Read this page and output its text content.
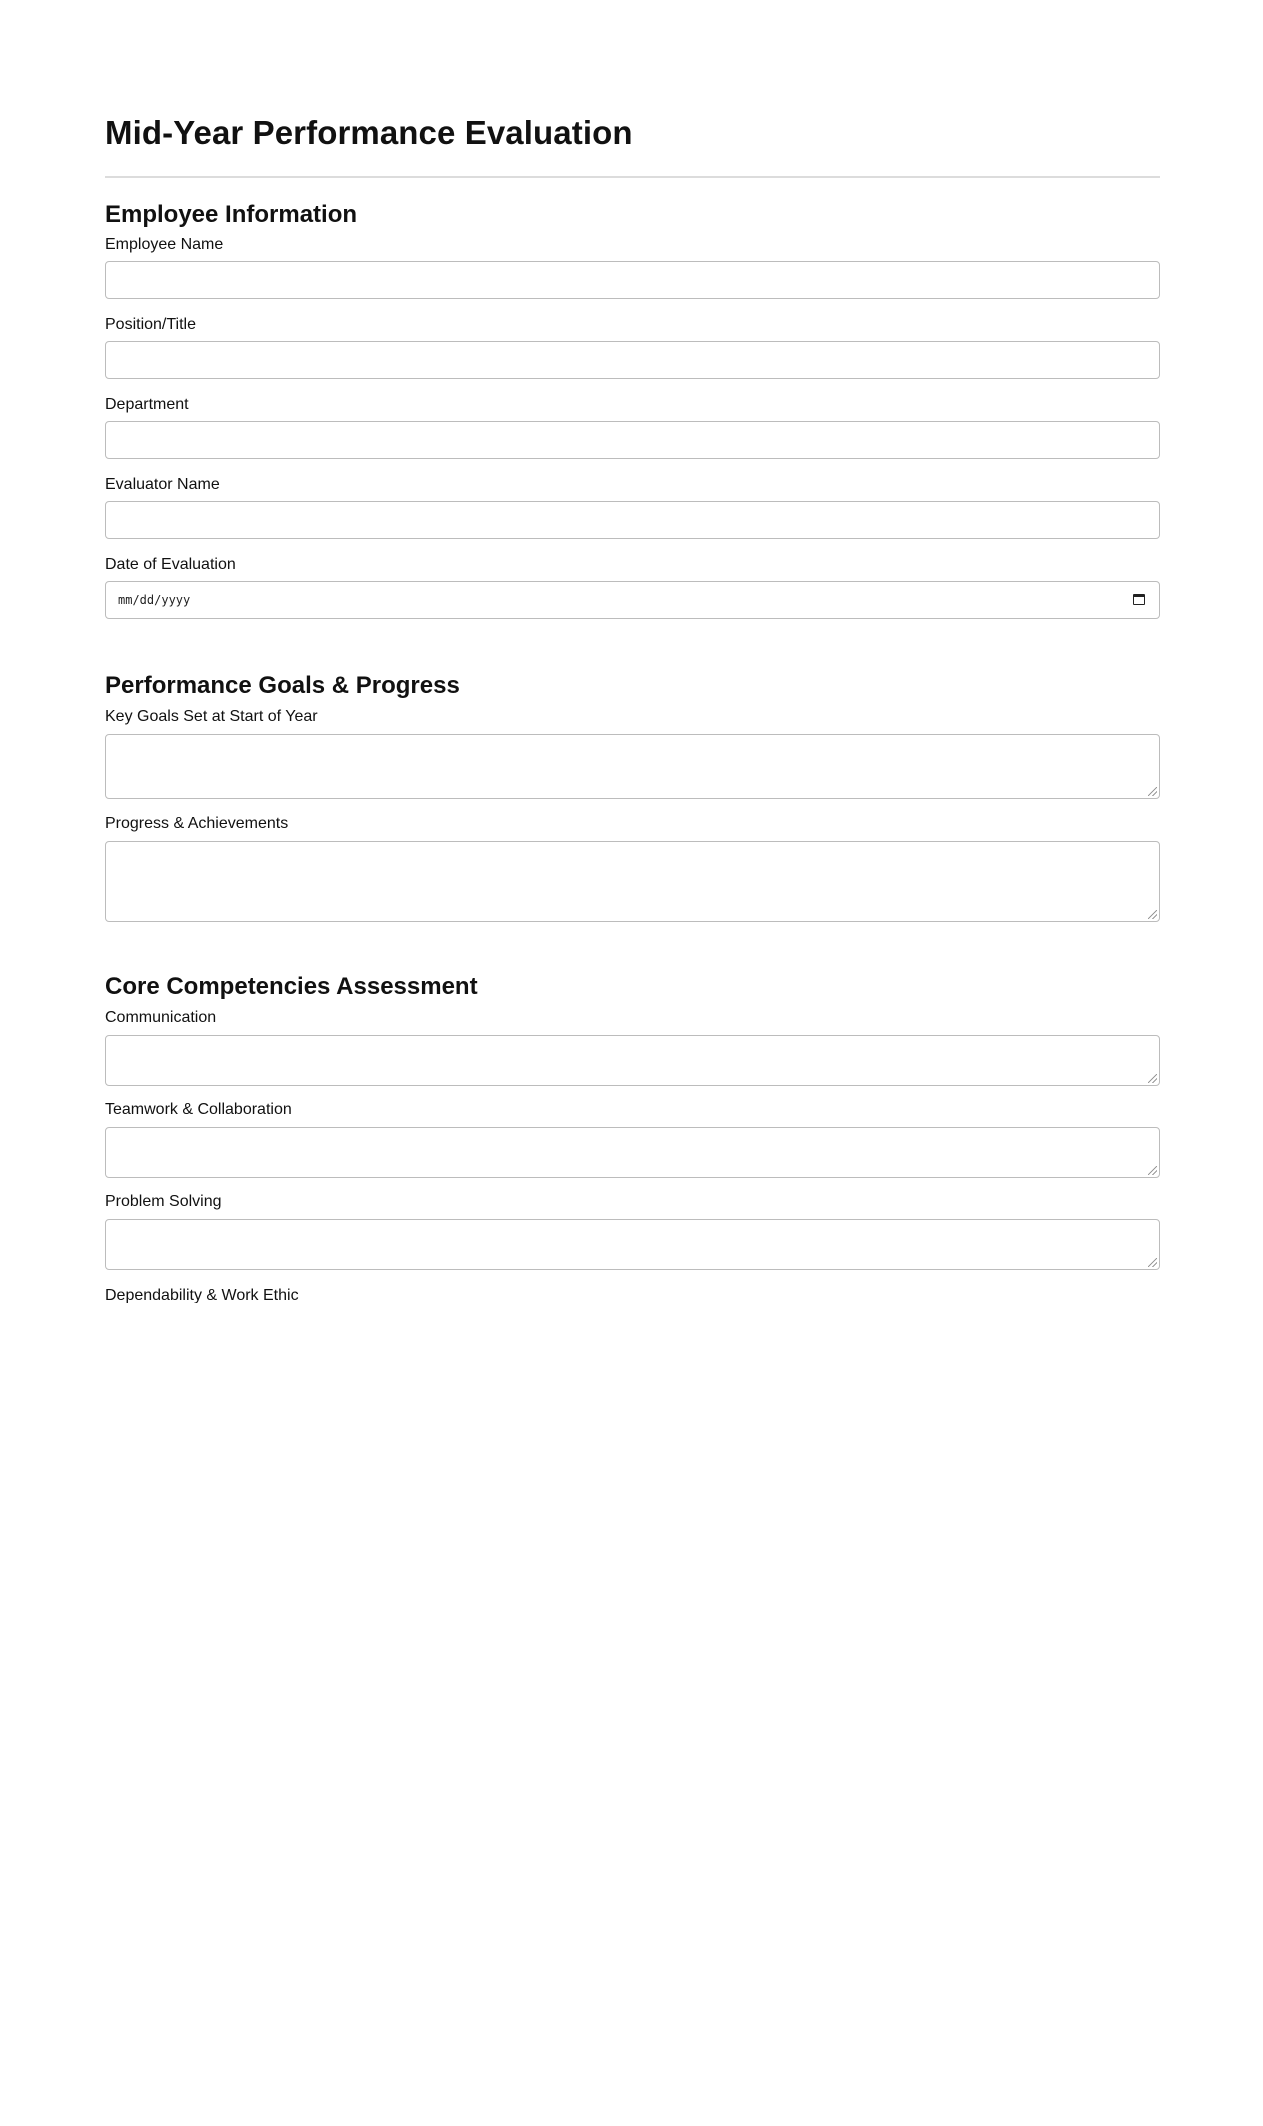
Mid-Year Performance Evaluation
Employee Information
Employee Name
Position/Title
Department
Evaluator Name
Date of Evaluation
mm/dd/yyyy
Performance Goals & Progress
Key Goals Set at Start of Year
Progress & Achievements
Core Competencies Assessment
Communication
Teamwork & Collaboration
Problem Solving
Dependability & Work Ethic
